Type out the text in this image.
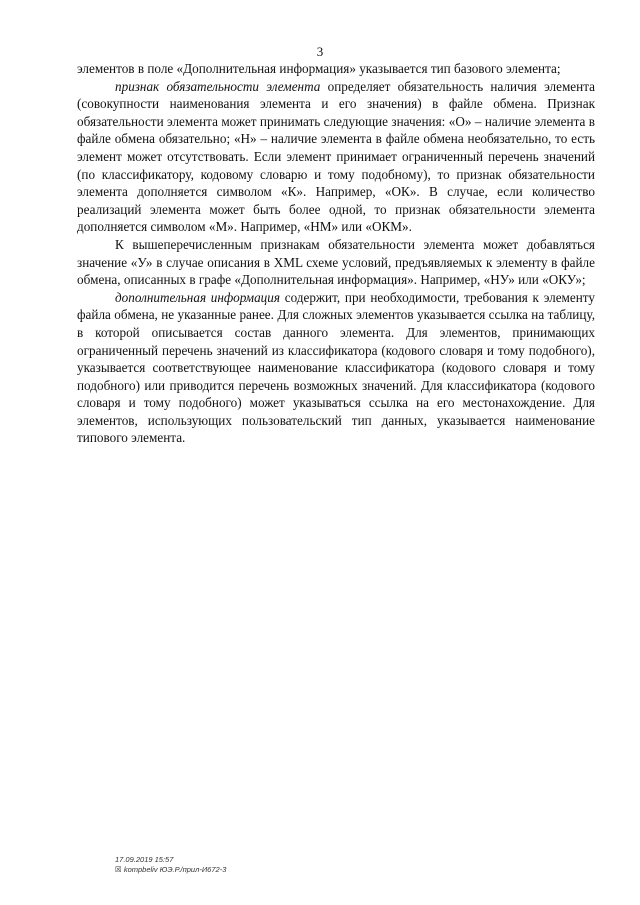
3

элементов в поле «Дополнительная информация» указывается тип базового элемента;

признак обязательности элемента определяет обязательность наличия элемента (совокупности наименования элемента и его значения) в файле обмена. Признак обязательности элемента может принимать следующие значения: «О» – наличие элемента в файле обмена обязательно; «Н» – наличие элемента в файле обмена необязательно, то есть элемент может отсутствовать. Если элемент принимает ограниченный перечень значений (по классификатору, кодовому словарю и тому подобному), то признак обязательности элемента дополняется символом «К». Например, «ОК». В случае, если количество реализаций элемента может быть более одной, то признак обязательности элемента дополняется символом «М». Например, «НМ» или «ОКМ».

К вышеперечисленным признакам обязательности элемента может добавляться значение «У» в случае описания в XML схеме условий, предъявляемых к элементу в файле обмена, описанных в графе «Дополнительная информация». Например, «НУ» или «ОКУ»;

дополнительная информация содержит, при необходимости, требования к элементу файла обмена, не указанные ранее. Для сложных элементов указывается ссылка на таблицу, в которой описывается состав данного элемента. Для элементов, принимающих ограниченный перечень значений из классификатора (кодового словаря и тому подобного), указывается соответствующее наименование классификатора (кодового словаря и тому подобного) или приводится перечень возможных значений. Для классификатора (кодового словаря и тому подобного) может указываться ссылка на его местонахождение. Для элементов, использующих пользовательский тип данных, указывается наименование типового элемента.

17.09.2019 15:57
☒ kompbeliv ЮЭ.Р./прил-И672-3
